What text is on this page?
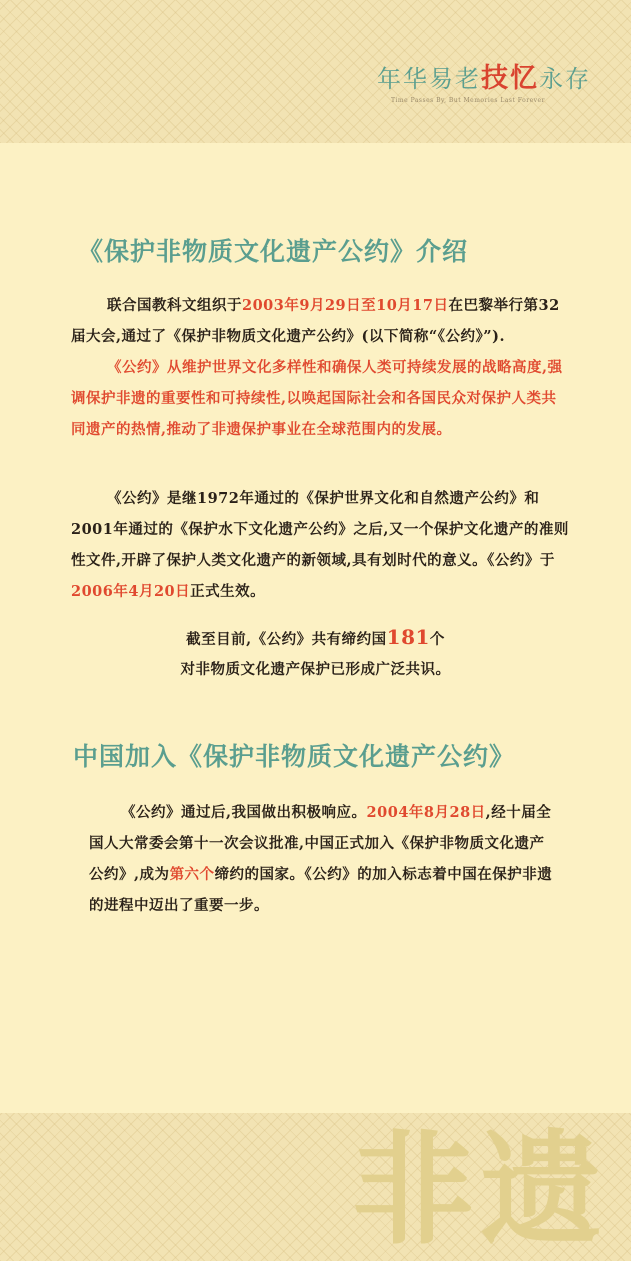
年华易老技忆永存
Time Passes By, But Memories Last Forever
非遗
《保护非物质文化遗产公约》介绍

联合国教科文组织于2003年9月29日至10月17日在巴黎举行第32届大会,通过了《保护非物质文化遗产公约》(以下简称“《公约》”).

《公约》从维护世界文化多样性和确保人类可持续发展的战略高度,强调保护非遗的重要性和可持续性,以唤起国际社会和各国民众对保护人类共同遗产的热情,推动了非遗保护事业在全球范围内的发展。

《公约》是继1972年通过的《保护世界文化和自然遗产公约》和2001年通过的《保护水下文化遗产公约》之后,又一个保护文化遗产的准则性文件,开辟了保护人类文化遗产的新领域,具有划时代的意义。《公约》于2006年4月20日正式生效。

截至目前,《公约》共有缔约国181个
对非物质文化遗产保护已形成广泛共识。
中国加入《保护非物质文化遗产公约》

《公约》通过后,我国做出积极响应。2004年8月28日,经十届全国人大常委会第十一次会议批准,中国正式加入《保护非物质文化遗产公约》,成为第六个缔约的国家。《公约》的加入标志着中国在保护非遗的进程中迈出了重要一步。
